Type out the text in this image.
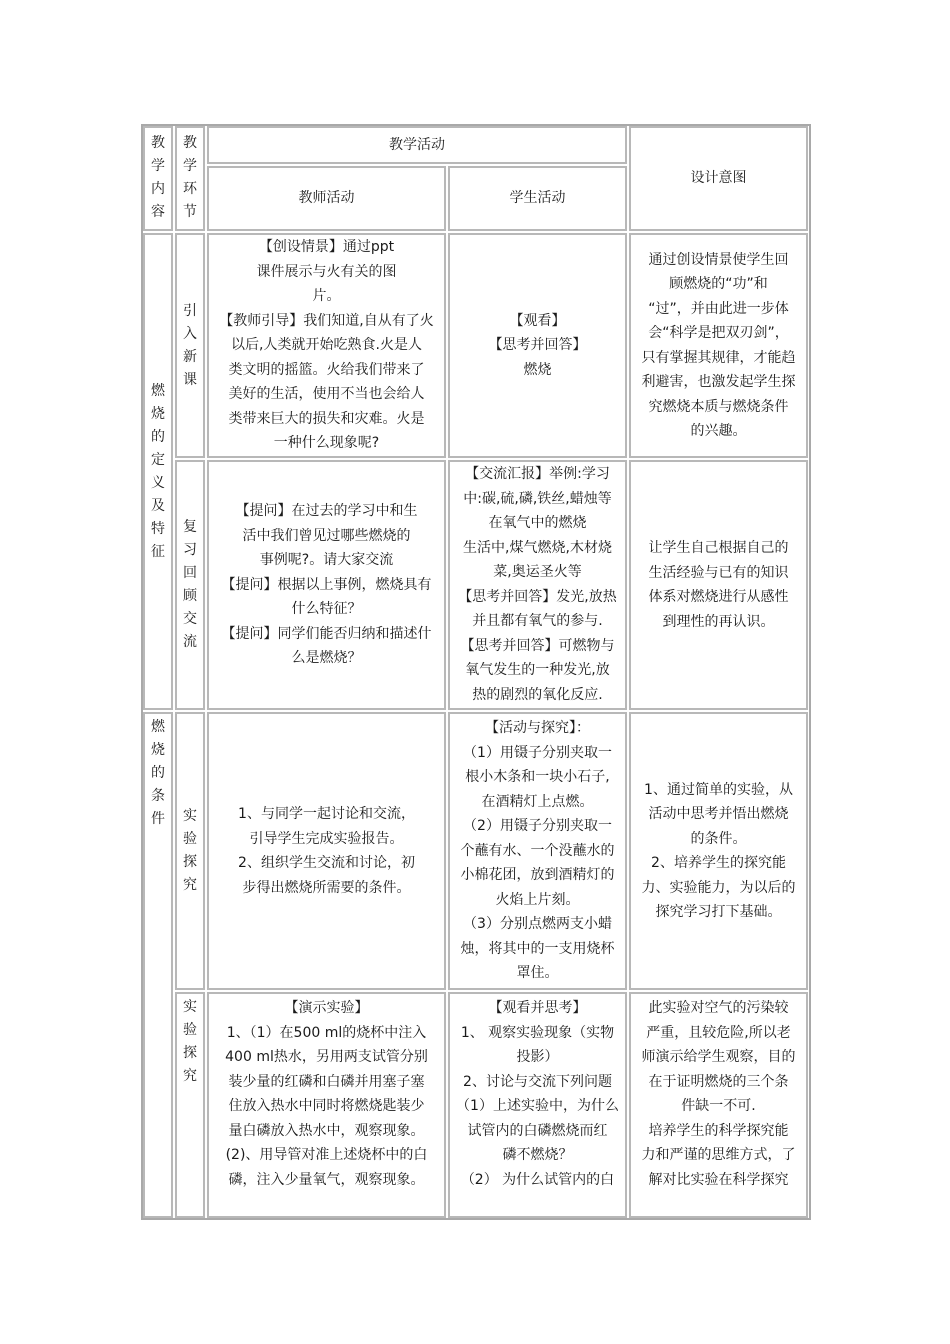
教
学
内
容
教
学
环
节
教学活动
教师活动	学生活动
设计意图
燃
烧
的
定
义
及
特
征
引
入
新
课
【创设情景】通过ppt
课件展示与火有关的图
片。
【教师引导】我们知道,自从有了火
以后,人类就开始吃熟食.火是人
类文明的摇篮。火给我们带来了
美好的生活，使用不当也会给人
类带来巨大的损失和灾难。火是
一种什么现象呢?
【观看】
【思考并回答】
燃烧
通过创设情景使学生回
顾燃烧的“功”和
“过”，并由此进一步体
会“科学是把双刃剑”，
只有掌握其规律，才能趋
利避害，也激发起学生探
究燃烧本质与燃烧条件
的兴趣。
复
习
回
顾
交
流
【提问】在过去的学习中和生
活中我们曾见过哪些燃烧的
事例呢?。请大家交流
【提问】根据以上事例，燃烧具有
什么特征？
【提问】同学们能否归纳和描述什
么是燃烧？
【交流汇报】举例:学习
中:碳,硫,磷,铁丝,蜡烛等
在氧气中的燃烧
生活中,煤气燃烧,木材烧
菜,奥运圣火等
【思考并回答】发光,放热
并且都有氧气的参与.
【思考并回答】可燃物与
氧气发生的一种发光,放
热的剧烈的氧化反应.
让学生自己根据自己的
生活经验与已有的知识
体系对燃烧进行从感性
到理性的再认识。
燃
烧
的
条
件	实
验
探
究
1、与同学一起讨论和交流，
引导学生完成实验报告。
2、组织学生交流和讨论，初
步得出燃烧所需要的条件。
【活动与探究】：
（1）用镊子分别夹取一
根小木条和一块小石子,
在酒精灯上点燃。
（2）用镊子分别夹取一
个蘸有水、一个没蘸水的
小棉花团，放到酒精灯的
火焰上片刻。
（3）分别点燃两支小蜡
烛，将其中的一支用烧杯
罩住。
1、通过简单的实验，从
活动中思考并悟出燃烧
的条件。
2、培养学生的探究能
力、实验能力，为以后的
探究学习打下基础。
实
验
探
究
【演示实验】
1、（1）在500 ml的烧杯中注入
400 ml热水，另用两支试管分别
装少量的红磷和白磷并用塞子塞
住放入热水中同时将燃烧匙装少
量白磷放入热水中，观察现象。
(2)、用导管对准上述烧杯中的白
磷，注入少量氧气，观察现象。
【观看并思考】
1、 观察实验现象（实物
投影）
2、讨论与交流下列问题
（1）上述实验中，为什么
试管内的白磷燃烧而红
磷不燃烧？
（2） 为什么试管内的白
此实验对空气的污染较
严重，且较危险,所以老
师演示给学生观察，目的
在于证明燃烧的三个条
件缺一不可.
培养学生的科学探究能
力和严谨的思维方式，了
解对比实验在科学探究
